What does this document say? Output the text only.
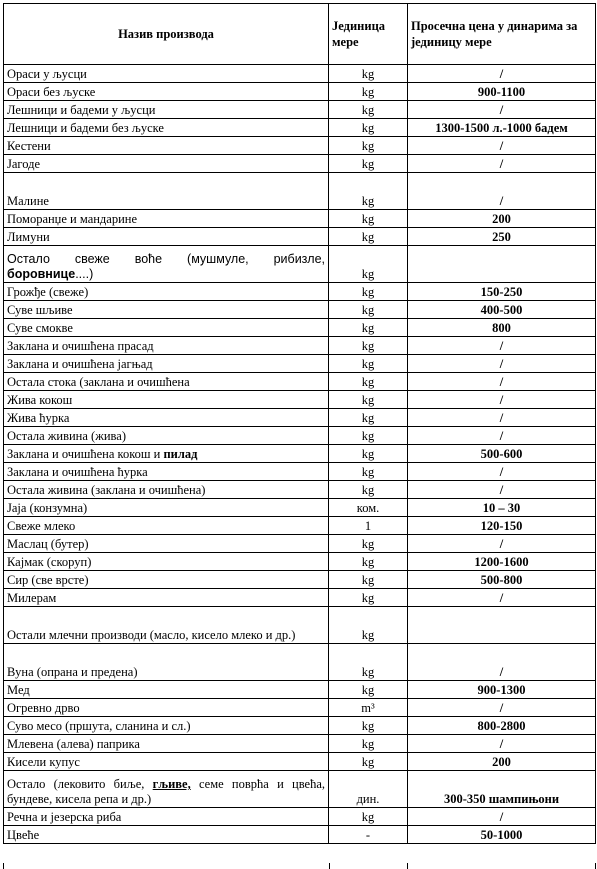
Назив производа	Јединица мере	Просечна цена у динарима за јединицу мере
Ораси у љусци	kg	/
Ораси без љуске	kg	900-1100
Лешници и бадеми у љусци	kg	/
Лешници и бадеми без љуске	kg	1300-1500 л.-1000 бадем
Кестени	kg	/
Јагоде	kg	/
Малине	kg	/
Поморанџе и мандарине	kg	200
Лимуни	kg	250
Остало свеже воће (мушмуле, рибизле, боровнице....)	kg	
Грожђе (свеже)	kg	150-250
Суве шљиве	kg	400-500
Суве смокве	kg	800
Заклана и очишћена прасад	kg	/
Заклана и очишћена јагњад	kg	/
Остала стока (заклана и очишћена	kg	/
Жива кокош	kg	/
Жива ћурка	kg	/
Остала живина (жива)	kg	/
Заклана и очишћена кокош и пилад	kg	500-600
Заклана и очишћена ћурка	kg	/
Остала живина (заклана и очишћена)	kg	/
Јаја (конзумна)	ком.	10 – 30
Свеже млеко	1	120-150
Маслац (бутер)	kg	/
Кајмак (скоруп)	kg	1200-1600
Сир (све врсте)	kg	500-800
Милерам	kg	/
Остали млечни производи (масло, кисело млеко и др.)	kg	
Вуна (опрана и предена)	kg	/
Мед	kg	900-1300
Огревно дрво	m³	/
Суво месо (пршута, сланина и сл.)	kg	800-2800
Млевена (алева) паприка	kg	/
Кисели купус	kg	200
Остало (лековито биље, гљиве, семе поврћа и цвећа, бундеве, кисела репа и др.)	дин.	300-350 шампињони
Речна и језерска риба	kg	/
Цвеће	-	50-1000
